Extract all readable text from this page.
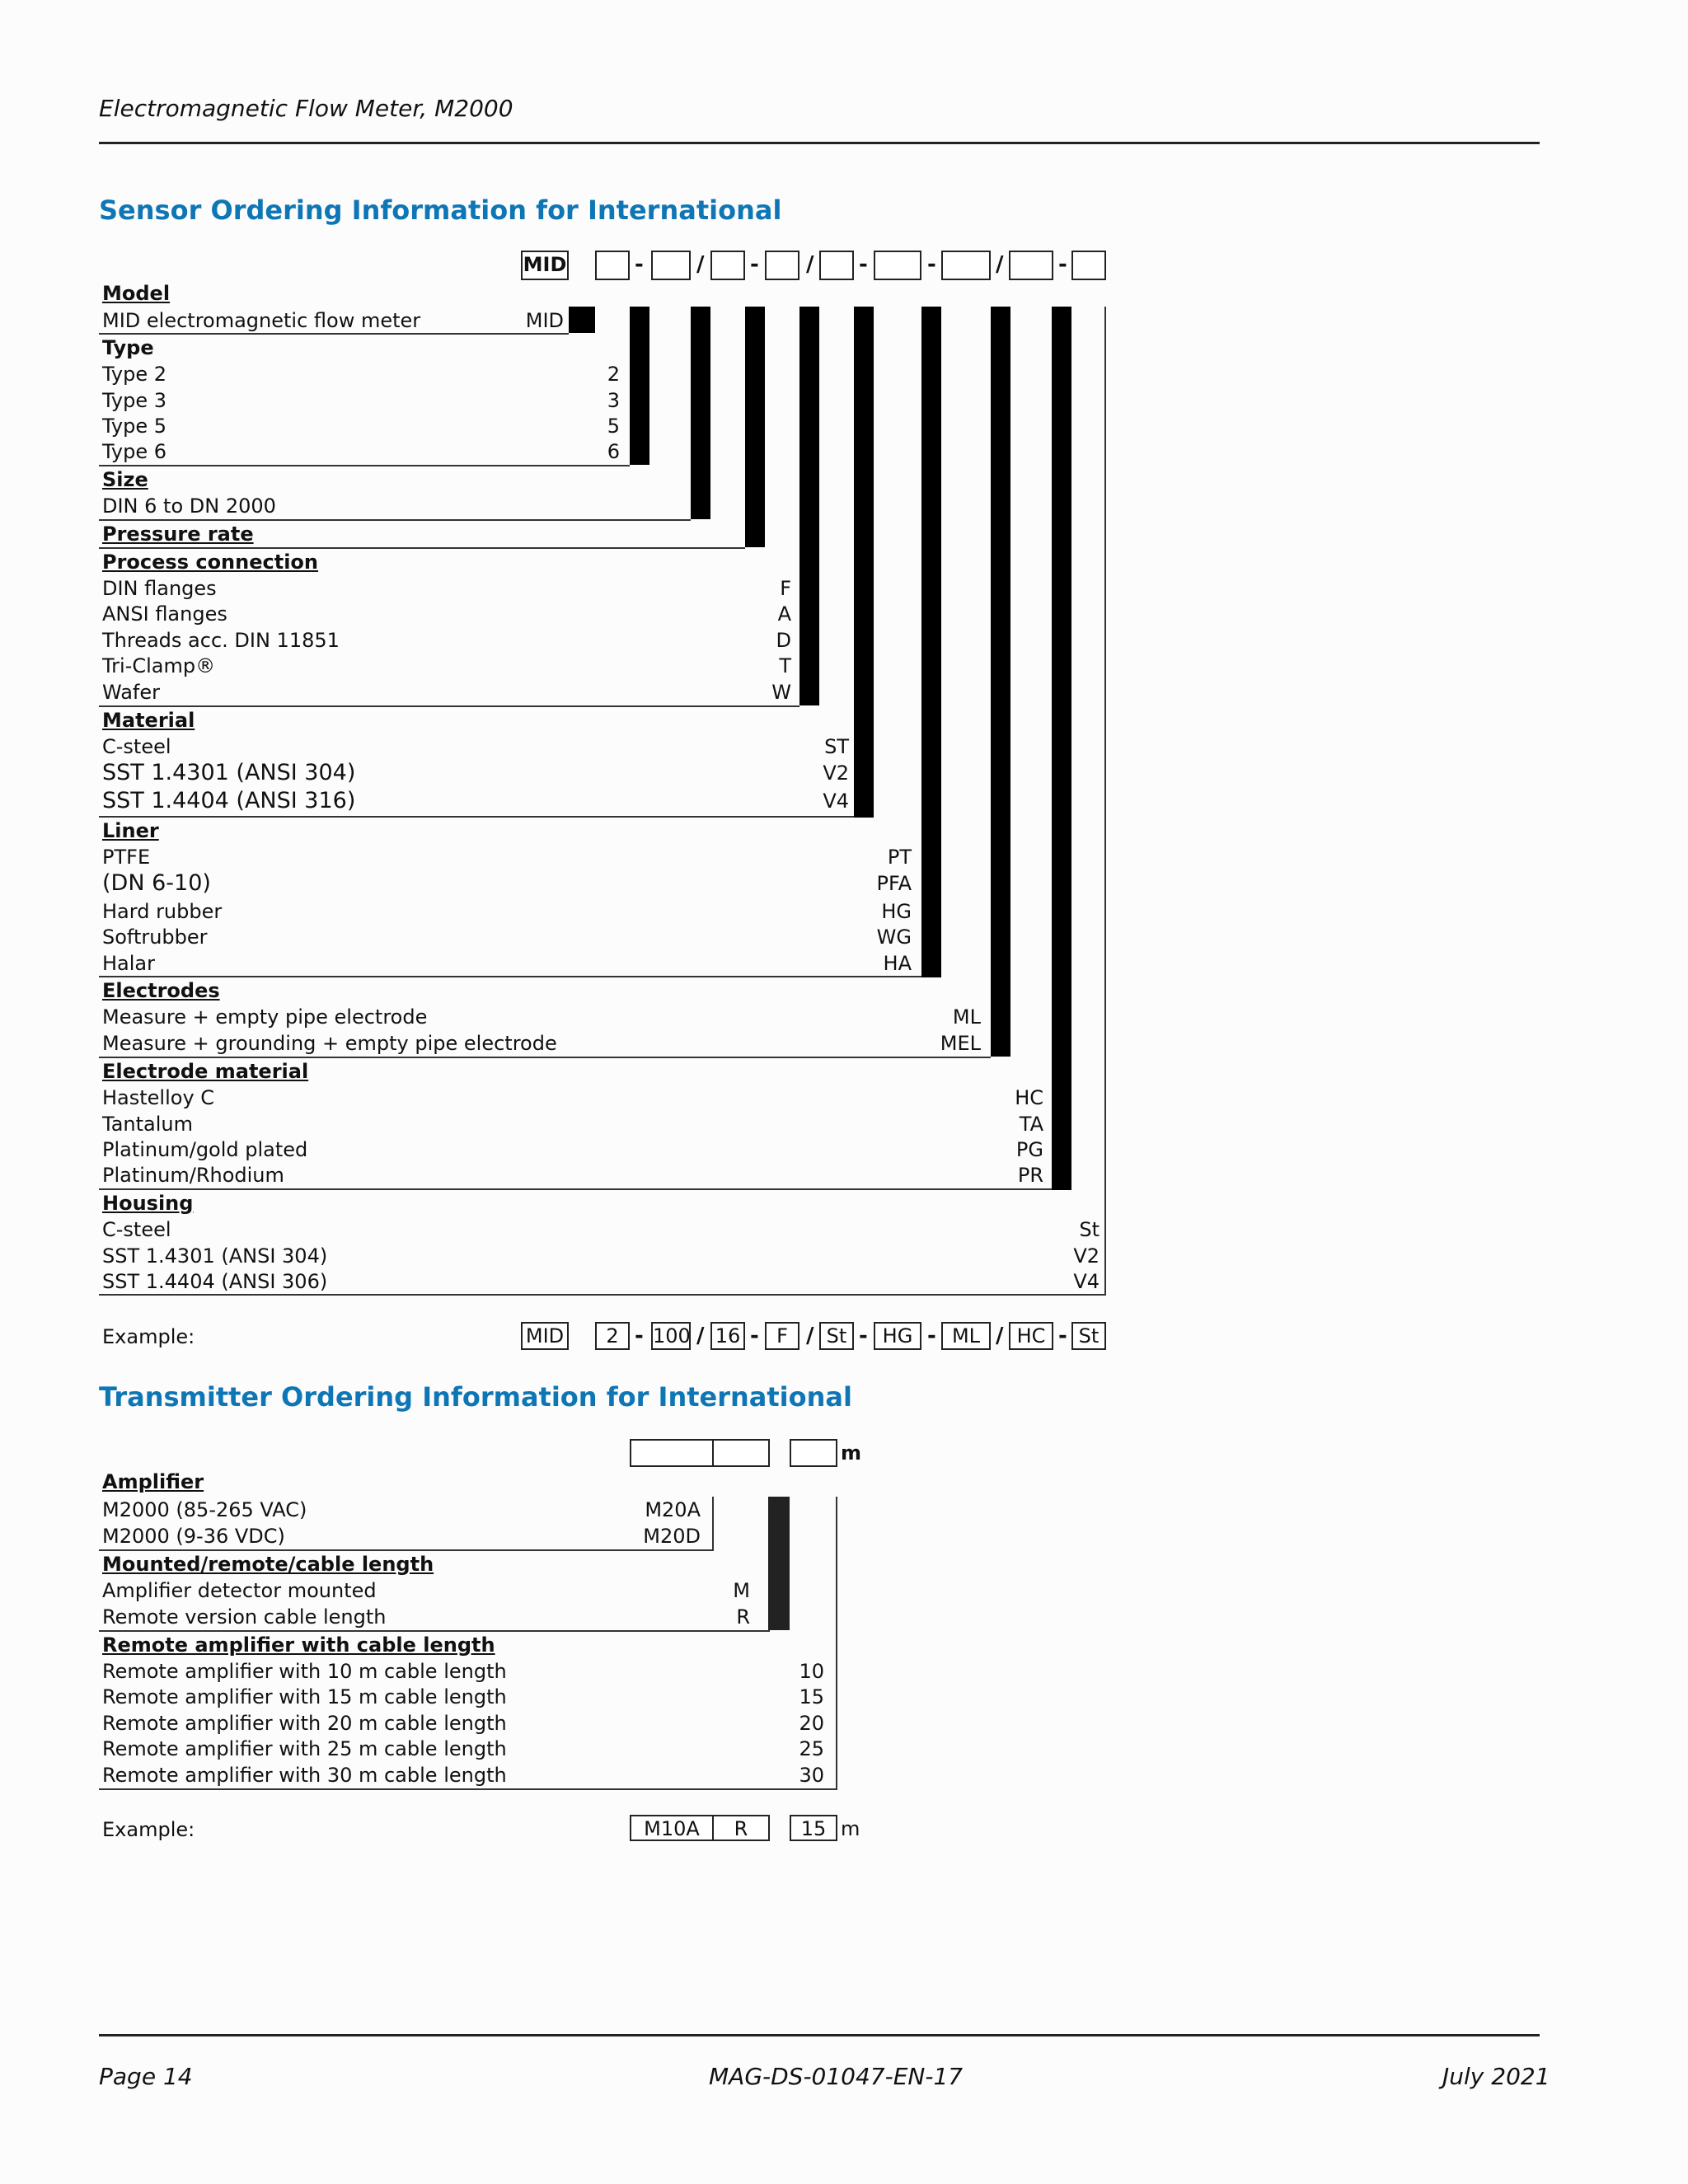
Electromagnetic Flow Meter, M2000
Sensor Ordering Information for International
MID	- / - / -	-	/	-
Model
MID electromagnetic flow meter	MID
Type
Type 2	2
Type 3	3
Type 5	5
Type 6	6
Size
DIN 6 to DN 2000
Pressure rate
Process connection
DIN flanges	F
ANSI flanges	A
Threads acc. DIN 11851	D
Tri-Clamp®	T
Wafer	W
Material
C-steel	ST
SST 1.4301 (ANSI 304)	V2
SST 1.4404 (ANSI 316)	V4
Liner
PTFE	PT
(DN 6-10)	PFA
Hard rubber	HG
Softrubber	WG
Halar	HA
Electrodes
Measure + empty pipe electrode	ML
Measure + grounding + empty pipe electrode	MEL
Electrode material
Hastelloy C	HC
Tantalum	TA
Platinum/gold plated	PG
Platinum/Rhodium	PR
Housing
C-steel	St
SST 1.4301 (ANSI 304)	V2
SST 1.4404 (ANSI 306)	V4
Example:	MID	2 - 100 / 16 - F / St - HG - ML / HC - St
Transmitter Ordering Information for International
m
Amplifier
M2000 (85-265 VAC)	M20A
M2000 (9-36 VDC)	M20D
Mounted/remote/cable length
Amplifier detector mounted	M
Remote version cable length	R
Remote amplifier with cable length
Remote amplifier with 10 m cable length	10
Remote amplifier with 15 m cable length	15
Remote amplifier with 20 m cable length	20
Remote amplifier with 25 m cable length	25
Remote amplifier with 30 m cable length	30
Example:	M10A	R	15 m
Page 14	MAG-DS-01047-EN-17	July 2021
